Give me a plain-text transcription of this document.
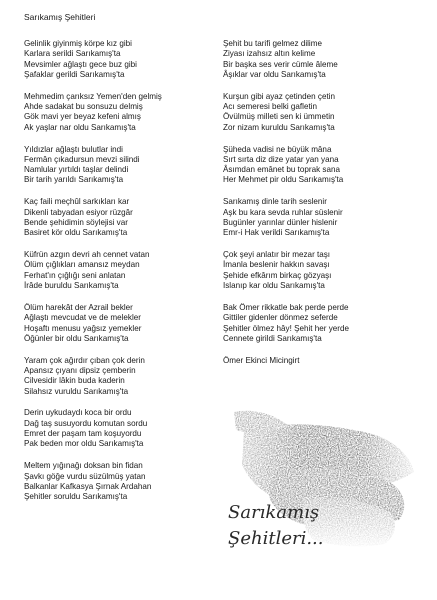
Sarıkamış Şehitleri
Gelinlik giyinmiş körpe kız gibi
Karlara serildi Sarıkamış'ta
Mevsimler ağlaştı gece buz gibi
Şafaklar gerildi Sarıkamış'ta
Mehmedim çarıksız Yemen'den gelmiş
Ahde sadakat bu sonsuzu delmiş
Gök mavi yer beyaz kefeni almış
Ak yaşlar nar oldu Sarıkamış'ta
Yıldızlar ağlaştı bulutlar indi
Fermân çıkadursun mevzi silindi
Namlular yırtıldı taşlar delindi
Bir tarih yarıldı Sarıkamış'ta
Kaç faili meçhûl sarkıkları kar
Dikenli tabyadan esiyor rüzgâr
Bende şehidimin söylejisi var
Basiret kör oldu Sarıkamış'ta
Küfrün azgın devri ah cennet vatan
Ölüm çığlıkları amansız meydan
Ferhat'ın çığlığı seni anlatan
İrâde buruldu Sarıkamış'ta
Ölüm harekât der Azrail bekler
Ağlaştı mevcudat ve de melekler
Hoşaftı menusu yağsız yemekler
Öğünler bir oldu Sarıkamış'ta
Yaram çok ağırdır çıban çok derin
Apansız çıyanı dipsiz çemberin
Cilvesidir lâkin buda kaderin
Silahsız vuruldu Sarıkamış'ta
Derin uykudaydı koca bir ordu
Dağ taş susuyordu komutan sordu
Emret der paşam tam koşuyordu
Pak beden mor oldu Sarıkamış'ta
Meltem yığınağı doksan bin fidan
Şavkı göğe vurdu süzülmüş yatan
Balkanlar Kafkasya Şırnak Ardahan
Şehitler soruldu Sarıkamış'ta
Şehit bu tarifi gelmez dilime
Ziyası izahsız altın kelime
Bir başka ses verir cümle âleme
Âşıklar var oldu Sarıkamış'ta
Kurşun gibi ayaz çetinden çetin
Acı semeresi belki gafletin
Övülmüş milleti sen ki ümmetin
Zor nizam kuruldu Sarıkamış'ta
Şüheda vadisi ne büyük mâna
Sırt sırta diz dize yatar yan yana
Âsımdan emânet bu toprak sana
Her Mehmet pir oldu Sarıkamış'ta
Sarıkamış dinle tarih seslenir
Aşk bu kara sevda ruhlar süslenir
Bugünler yarınlar dünler hislenir
Emr-i Hak verildi Sarıkamış'ta
Çok şeyi anlatır bir mezar taşı
İmanla beslenir hakkın savaşı
Şehide efkârım birkaç gözyaşı
Islanıp kar oldu Sarıkamış'ta
Bak Ömer rikkatle bak perde perde
Gittiler gidenler dönmez seferde
Şehitler ölmez hây! Şehit her yerde
Cennete girildi Sarıkamış'ta
Ömer Ekinci Micingirt
Sarıkamış
Şehitleri...
